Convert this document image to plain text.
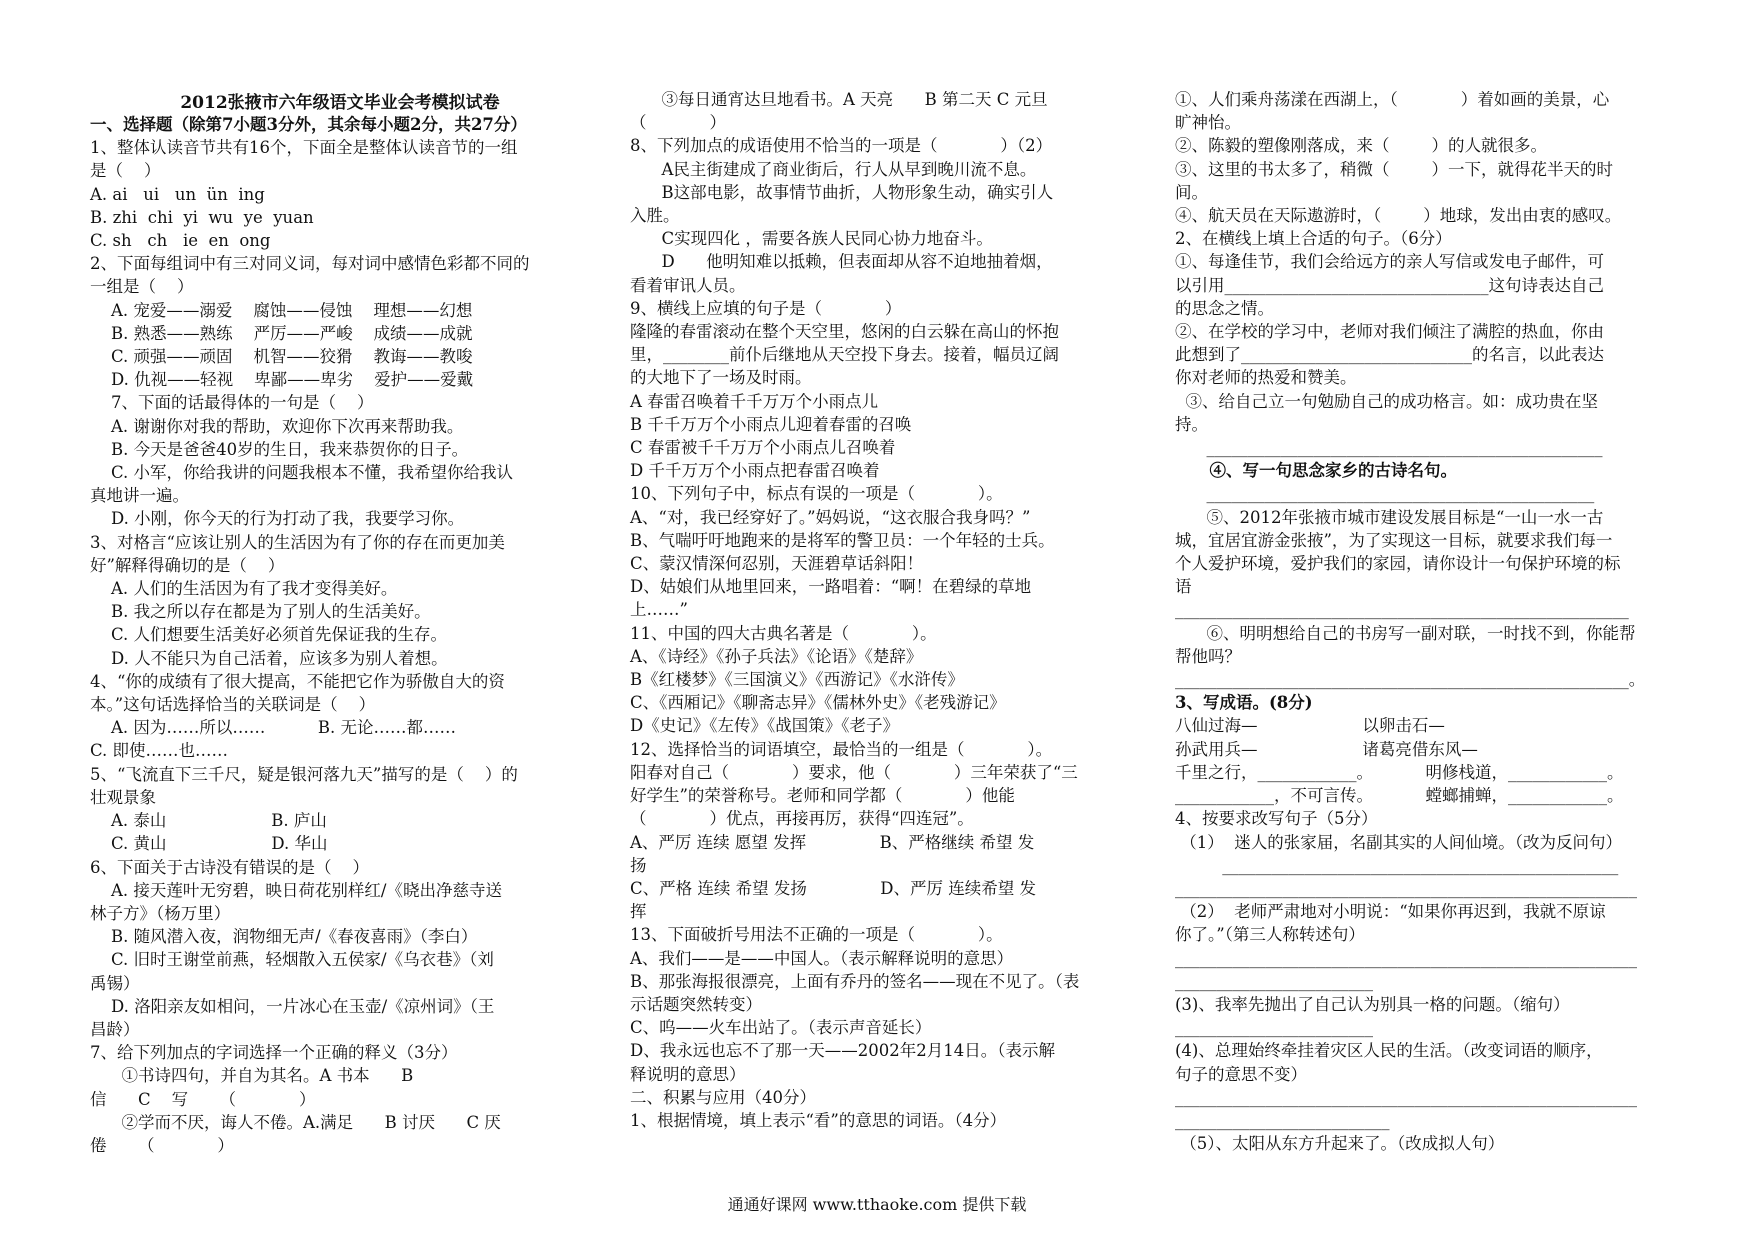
2012张掖市六年级语文毕业会考模拟试卷
一、选择题（除第7小题3分外，其余每小题2分，共27分）
1、整体认读音节共有16个，下面全是整体认读音节的一组
是（    ）
A. ai   ui   un  ün  ing
B. zhi  chi  yi  wu  ye  yuan
C. sh   ch   ie  en  ong
2、下面每组词中有三对同义词，每对词中感情色彩都不同的
一组是（    ）
A. 宠爱——溺爱    腐蚀——侵蚀    理想——幻想
B. 熟悉——熟练    严厉——严峻    成绩——成就
C. 顽强——顽固    机智——狡猾    教诲——教唆
D. 仇视——轻视    卑鄙——卑劣    爱护——爱戴
7、下面的话最得体的一句是（    ）
A. 谢谢你对我的帮助，欢迎你下次再来帮助我。
B. 今天是爸爸40岁的生日，我来恭贺你的日子。
C. 小军，你给我讲的问题我根本不懂，我希望你给我认
真地讲一遍。
D. 小刚，你今天的行为打动了我，我要学习你。
3、对格言“应该让别人的生活因为有了你的存在而更加美
好”解释得确切的是（    ）
A. 人们的生活因为有了我才变得美好。
B. 我之所以存在都是为了别人的生活美好。
C. 人们想要生活美好必须首先保证我的生存。
D. 人不能只为自己活着，应该多为别人着想。
4、“你的成绩有了很大提高，不能把它作为骄傲自大的资
本。”这句话选择恰当的关联词是（    ）
A. 因为……所以……          B. 无论……都……
C. 即使……也……
5、“飞流直下三千尺，疑是银河落九天”描写的是（    ）的
壮观景象
A. 泰山                    B. 庐山
C. 黄山                    D. 华山
6、下面关于古诗没有错误的是（    ）
A. 接天莲叶无穷碧，映日荷花别样红/《晓出净慈寺送
林子方》（杨万里）
B. 随风潜入夜，润物细无声/《春夜喜雨》（李白）
C. 旧时王谢堂前燕，轻烟散入五侯家/《乌衣巷》（刘
禹锡）
D. 洛阳亲友如相问，一片冰心在玉壶/《凉州词》（王
昌龄）
7、给下列加点的字词选择一个正确的释义（3分）
①书诗四句，并自为其名。A 书本      B
信      C    写      （            ）
②学而不厌，诲人不倦。A.满足      B 讨厌      C 厌
倦      （            ）
③每日通宵达旦地看书。A 天亮      B 第二天 C 元旦
（            ）
8、下列加点的成语使用不恰当的一项是（            ）（2）
A民主街建成了商业街后，行人从早到晚川流不息。
B这部电影，故事情节曲折，人物形象生动，确实引人
入胜。
C实现四化 ，需要各族人民同心协力地奋斗。
D      他明知难以抵赖，但表面却从容不迫地抽着烟，
看着审讯人员。
9、横线上应填的句子是（            ）
隆隆的春雷滚动在整个天空里，悠闲的白云躲在高山的怀抱
里，________前仆后继地从天空投下身去。接着，幅员辽阔
的大地下了一场及时雨。
A 春雷召唤着千千万万个小雨点儿
B 千千万万个小雨点儿迎着春雷的召唤
C 春雷被千千万万个小雨点儿召唤着
D 千千万万个小雨点把春雷召唤着
10、下列句子中，标点有误的一项是（            ）。
A、“对，我已经穿好了。”妈妈说，“这衣服合我身吗？”
B、气喘吁吁地跑来的是将军的警卫员：一个年轻的士兵。
C、蒙汉情深何忍别，天涯碧草话斜阳！
D、姑娘们从地里回来，一路唱着：“啊！在碧绿的草地
上……”
11、中国的四大古典名著是（            ）。
A、《诗经》《孙子兵法》《论语》《楚辞》
B《红楼梦》《三国演义》《西游记》《水浒传》
C、《西厢记》《聊斋志异》《儒林外史》《老残游记》
D《史记》《左传》《战国策》《老子》
12、选择恰当的词语填空，最恰当的一组是（            ）。
阳春对自己（            ）要求，他（            ）三年荣获了“三
好学生”的荣誉称号。老师和同学都（            ）他能
（            ）优点，再接再厉，获得“四连冠”。
A、严厉 连续 愿望 发挥              B、严格继续 希望 发
扬
C、严格 连续 希望 发扬              D、严厉 连续希望 发
挥
13、下面破折号用法不正确的一项是（            ）。
A、我们——是——中国人。（表示解释说明的意思）
B、那张海报很漂亮，上面有乔丹的签名——现在不见了。（表
示话题突然转变）
C、呜——火车出站了。（表示声音延长）
D、我永远也忘不了那一天——2002年2月14日。（表示解
释说明的意思）
二、积累与应用（40分）
1、根据情境，填上表示“看”的意思的词语。（4分）
①、人们乘舟荡漾在西湖上，（            ）着如画的美景，心
旷神怡。
②、陈毅的塑像刚落成，来（        ）的人就很多。
③、这里的书太多了，稍微（        ）一下，就得花半天的时
间。
④、航天员在天际遨游时，（        ）地球，发出由衷的感叹。
2、在横线上填上合适的句子。（6分）
①、每逢佳节，我们会给远方的亲人写信或发电子邮件，可
以引用________________________________这句诗表达自己
的思念之情。
②、在学校的学习中，老师对我们倾注了满腔的热血，你由
此想到了____________________________的名言，以此表达
你对老师的热爱和赞美。
③、给自己立一句勉励自己的成功格言。如：成功贵在坚
持。
________________________________________________
④、写一句思念家乡的古诗名句。
_______________________________________________
⑤、2012年张掖市城市建设发展目标是“一山一水一古
城，宜居宜游金张掖”，为了实现这一目标，就要求我们每一
个人爱护环境，爱护我们的家园，请你设计一句保护环境的标
语
_______________________________________________________
⑥、明明想给自己的书房写一副对联，一时找不到，你能帮
帮他吗？
_______________________________________________________。
3、写成语。(8分)
八仙过海—                    以卵击石—
孙武用兵—                    诸葛亮借东风—
千里之行，____________。          明修栈道，____________。
____________，不可言传。          螳螂捕蝉，____________。
4、按要求改写句子（5分）
（1）  迷人的张家届，名副其实的人间仙境。（改为反问句）
________________________________________________
________________________________________________________
（2）  老师严肃地对小明说：“如果你再迟到，我就不原谅
你了。”（第三人称转述句）
________________________________________________________
________________________
(3)、我率先抛出了自己认为别具一格的问题。（缩句）
________________________
(4)、总理始终牵挂着灾区人民的生活。（改变词语的顺序，
句子的意思不变）
________________________________________________________
__________________________
（5）、太阳从东方升起来了。（改成拟人句）
通通好课网 www.tthaoke.com 提供下载
